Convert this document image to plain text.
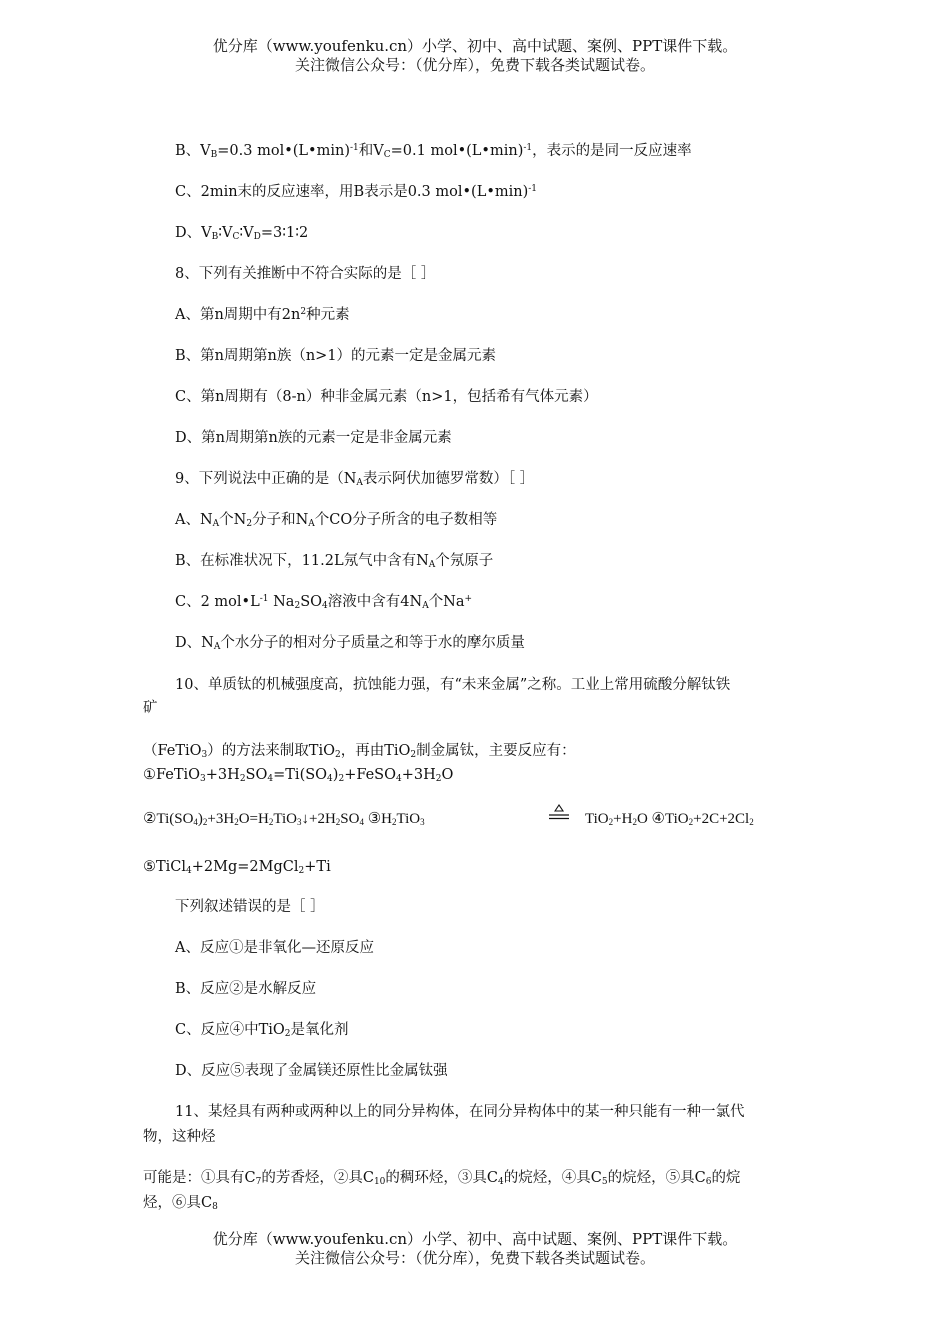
优分库（www.youfenku.cn）小学、初中、高中试题、案例、PPT课件下载。
关注微信公众号：（优分库），免费下载各类试题试卷。
B、$V_B=0.3$ mol•(L•min)$^{-1}$和$V_C=0.1$ mol•(L•min)$^{-1}$，表示的是同一反应速率
C、2min末的反应速率，用B表示是0.3 mol•(L•min)$^{-1}$
D、$V_B∶V_C∶V_D=3∶1∶2$
8、下列有关推断中不符合实际的是［ ］
A、第n周期中有$2n^2$种元素
B、第n周期第n族（n>1）的元素一定是金属元素
C、第n周期有（8-n）种非金属元素（n>1，包括希有气体元素）
D、第n周期第n族的元素一定是非金属元素
9、下列说法中正确的是（$N_A$表示阿伏加德罗常数）［ ］
A、$N_A$个$N_2$分子和$N_A$个CO分子所含的电子数相等
B、在标准状况下，11.2L氖气中含有$N_A$个氖原子
C、2 $mol•L^{-1}$ $Na_2SO_4$溶液中含有$4N_A$个Na+
D、$N_A$个水分子的相对分子质量之和等于水的摩尔质量
10、单质钛的机械强度高，抗蚀能力强，有“未来金属”之称。工业上常用硫酸分解钛铁
矿
（FeTiO$_3$）的方法来制取TiO$_2$，再由TiO$_2$制金属钛，主要反应有：
$①FeTiO_3+3H_2SO_4=Ti(SO_4)_2+FeSO_4+3H_2O$
$②Ti(SO_4)_2+3H_2O=H_2TiO_3↓+2H_2SO_4$ $③H_2TiO_3$	$TiO_2+H_2O$ $④TiO_2+2C+2Cl_2$
⑤TiCl$_4$+2Mg=2MgCl$_2$+Ti
下列叙述错误的是［ ］
A、反应①是非氧化—还原反应
B、反应②是水解反应
C、反应④中TiO$_2$是氧化剂
D、反应⑤表现了金属镁还原性比金属钛强
11、某烃具有两种或两种以上的同分异构体，在同分异构体中的某一种只能有一种一氯代
物，这种烃
可能是：①具有$C_7$的芳香烃，②具$C_{10}$的稠环烃，③具$C_4$的烷烃，④具$C_5$的烷烃，⑤具$C_6$的烷
烃，⑥具$C_8$
优分库（www.youfenku.cn）小学、初中、高中试题、案例、PPT课件下载。
关注微信公众号：（优分库），免费下载各类试题试卷。
